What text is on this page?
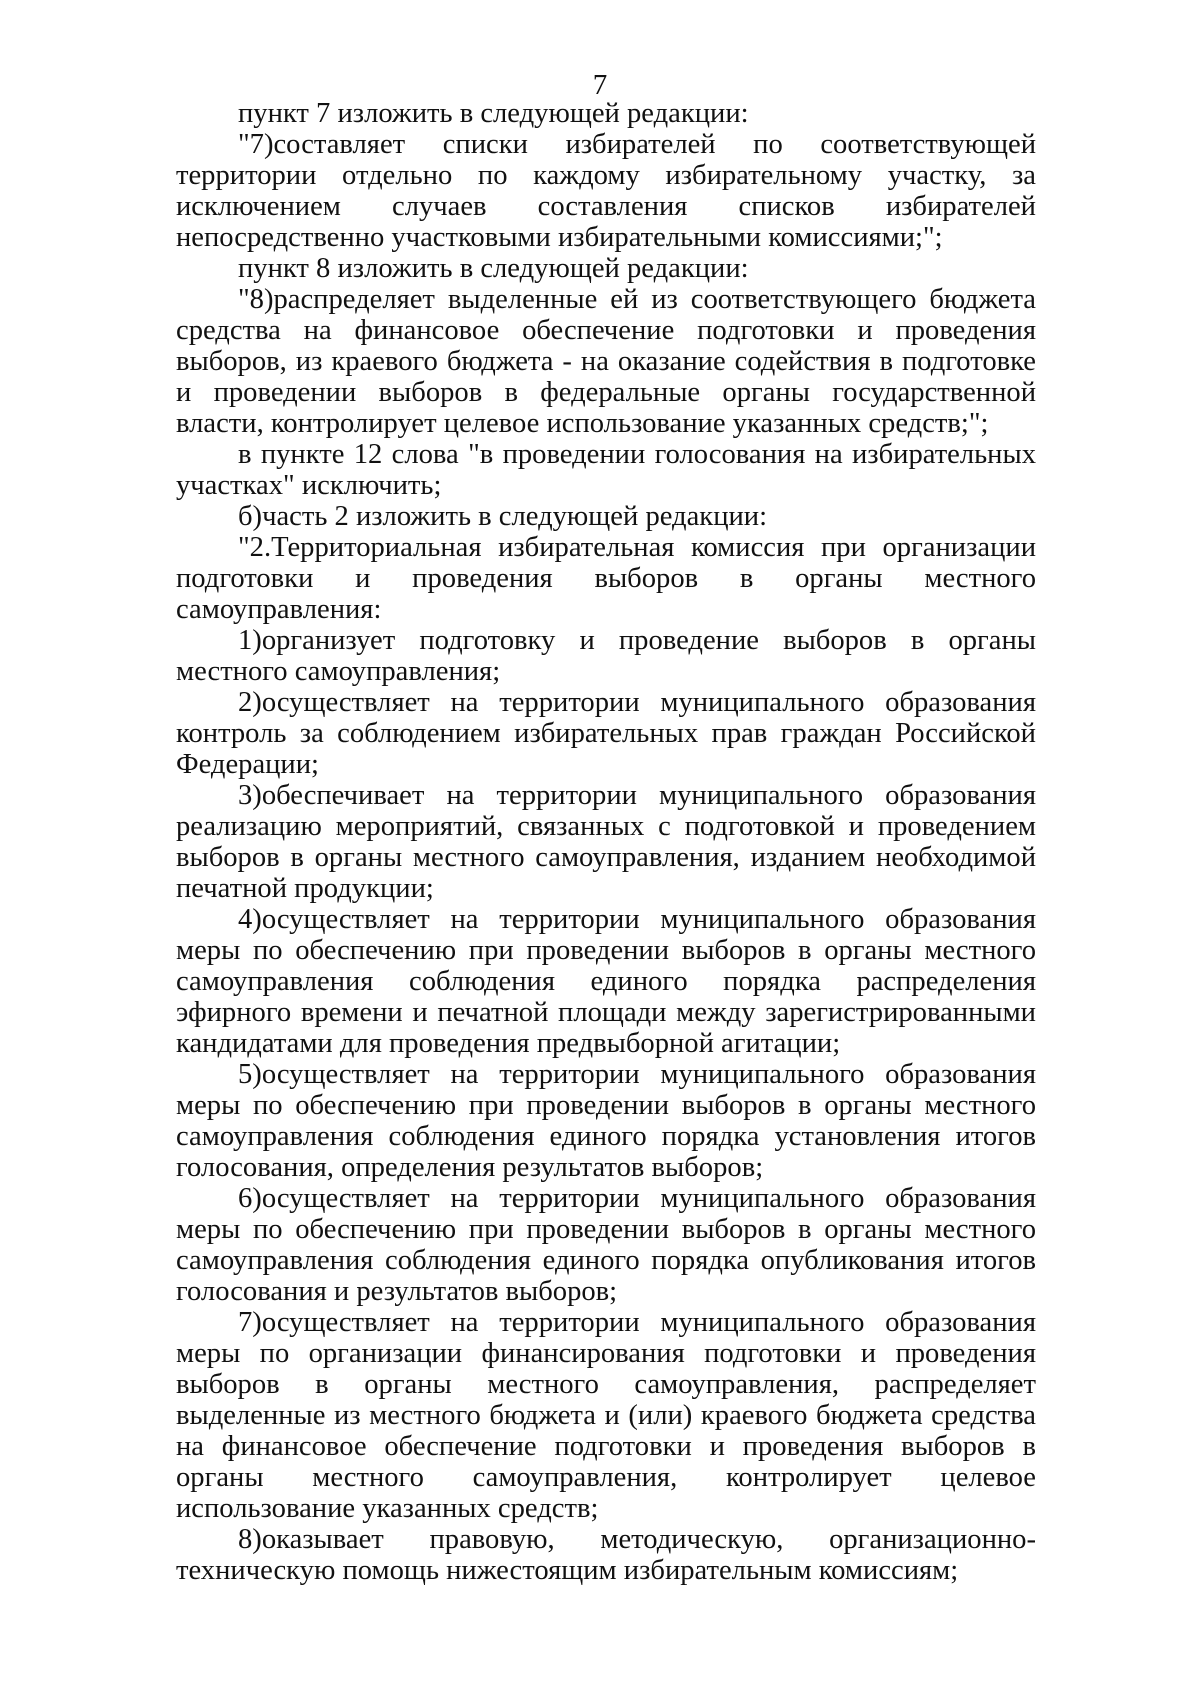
7

пункт 7 изложить в следующей редакции:

"7)составляет списки избирателей по соответствующей территории отдельно по каждому избирательному участку, за исключением случаев составления списков избирателей непосредственно участковыми избирательными комиссиями;";

пункт 8 изложить в следующей редакции:

"8)распределяет выделенные ей из соответствующего бюджета средства на финансовое обеспечение подготовки и проведения выборов, из краевого бюджета - на оказание содействия в подготовке и проведении выборов в федеральные органы государственной власти, контролирует целевое использование указанных средств;";

в пункте 12 слова "в проведении голосования на избирательных участках" исключить;

б)часть 2 изложить в следующей редакции:

"2.Территориальная избирательная комиссия при организации подготовки и проведения выборов в органы местного самоуправления:

1)организует подготовку и проведение выборов в органы местного самоуправления;

2)осуществляет на территории муниципального образования контроль за соблюдением избирательных прав граждан Российской Федерации;

3)обеспечивает на территории муниципального образования реализацию мероприятий, связанных с подготовкой и проведением выборов в органы местного самоуправления, изданием необходимой печатной продукции;

4)осуществляет на территории муниципального образования меры по обеспечению при проведении выборов в органы местного самоуправления соблюдения единого порядка распределения эфирного времени и печатной площади между зарегистрированными кандидатами для проведения предвыборной агитации;

5)осуществляет на территории муниципального образования меры по обеспечению при проведении выборов в органы местного самоуправления соблюдения единого порядка установления итогов голосования, определения результатов выборов;

6)осуществляет на территории муниципального образования меры по обеспечению при проведении выборов в органы местного самоуправления соблюдения единого порядка опубликования итогов голосования и результатов выборов;

7)осуществляет на территории муниципального образования меры по организации финансирования подготовки и проведения выборов в органы местного самоуправления, распределяет выделенные из местного бюджета и (или) краевого бюджета средства на финансовое обеспечение подготовки и проведения выборов в органы местного самоуправления, контролирует целевое использование указанных средств;

8)оказывает правовую, методическую, организационно-техническую помощь нижестоящим избирательным комиссиям;
